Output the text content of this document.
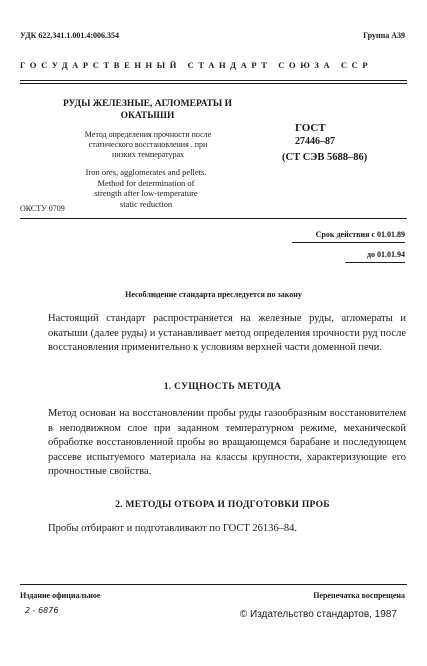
УДК 622.341.1.001.4:006.354	Группа А39
ГОСУДАРСТВЕННЫЙ СТАНДАРТ СОЮЗА ССР
РУДЫ ЖЕЛЕЗНЫЕ, АГЛОМЕРАТЫ И ОКАТЫШИ
Метод определения прочности после статического восстановления . при низких температурах
Iron ores, agglomerates and pellets. Method for determination of strength after low-temperature static reduction
ГОСТ
27446–87
(СТ СЭВ 5688–86)
ОКСТУ 0709
Срок действия с 01.01.89
до 01.01.94
Несоблюдение стандарта преследуется по закону
Настоящий стандарт распространяется на железные руды, агломераты и окатыши (далее руды) и устанавливает метод определения прочности руд после восстановления применительно к условиям верхней части доменной печи.
1. СУЩНОСТЬ МЕТОДА
Метод основан на восстановлении пробы руды газообразным восстановителем в неподвижном слое при заданном температурном режиме, механической обработке восстановленной пробы во вращающемся барабане и последующем рассеве испытуемого материала на классы крупности, характеризующие его прочностные свойства.
2. МЕТОДЫ ОТБОРА И ПОДГОТОВКИ ПРОБ
Пробы отбирают и подготавливают по ГОСТ 26136–84.
Издание официальное	Перепечатка воспрещена
2 - 6876	© Издательство стандартов, 1987
